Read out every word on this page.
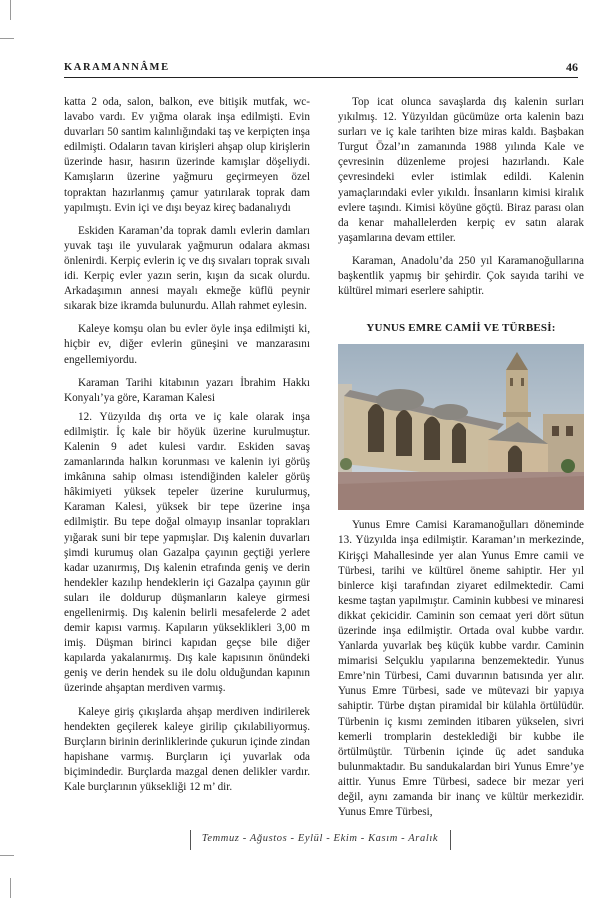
KARAMANNÂME	46

katta 2 oda, salon, balkon, eve bitişik mutfak, wc-lavabo vardı. Ev yığma olarak inşa edilmişti. Evin duvarları 50 santim kalınlığındaki taş ve kerpiçten inşa edilmişti. Odaların tavan kirişleri ahşap olup kirişlerin üzerinde hasır, hasırın üzerinde kamışlar döşeliydi. Kamışların üzerine yağmuru geçirmeyen özel topraktan hazırlanmış çamur yatırılarak toprak dam yapılmıştı. Evin içi ve dışı beyaz kireç badanalıydı

Eskiden Karaman’da toprak damlı evlerin damları yuvak taşı ile yuvularak yağmurun odalara akması önlenirdi. Kerpiç evlerin iç ve dış sıvaları toprak sıvalı idi. Kerpiç evler yazın serin, kışın da sıcak olurdu. Arkadaşımın annesi mayalı ekmeğe küflü peynir sıkarak bize ikramda bulunurdu. Allah rahmet eylesin.

Kaleye komşu olan bu evler öyle inşa edilmişti ki, hiçbir ev, diğer evlerin güneşini ve manzarasını engellemiyordu.

Karaman Tarihi kitabının yazarı İbrahim Hakkı Konyalı’ya göre, Karaman Kalesi

12. Yüzyılda dış orta ve iç kale olarak inşa edilmiştir. İç kale bir höyük üzerine kurulmuştur. Kalenin 9 adet kulesi vardır. Eskiden savaş zamanlarında halkın korunması ve kalenin iyi görüş imkânına sahip olması istendiğinden kaleler görüş hâkimiyeti yüksek tepeler üzerine kurulurmuş, Karaman Kalesi, yüksek bir tepe üzerine inşa edilmiştir. Bu tepe doğal olmayıp insanlar toprakları yığarak suni bir tepe yapmışlar. Dış kalenin duvarları şimdi kurumuş olan Gazalpa çayının geçtiği yerlere kadar uzanırmış, Dış kalenin etrafında geniş ve derin hendekler kazılıp hendeklerin içi Gazalpa çayının gür suları ile doldurup düşmanların kaleye girmesi engellenirmiş. Dış kalenin belirli mesafelerde 2 adet demir kapısı varmış. Kapıların yükseklikleri 3,00 m imiş. Düşman birinci kapıdan geçse bile diğer kapılarda yakalanırmış. Dış kale kapısının önündeki geniş ve derin hendek su ile dolu olduğundan kapının üzerinde ahşaptan merdiven varmış.

Kaleye giriş çıkışlarda ahşap merdiven indirilerek hendekten geçilerek kaleye girilip çıkılabiliyormuş. Burçların birinin derinliklerinde çukurun içinde zindan hapishane varmış. Burçların içi yuvarlak oda biçimindedir. Burçlarda mazgal denen delikler vardır. Kale burçlarının yüksekliği 12 m’ dir.

Top icat olunca savaşlarda dış kalenin surları yıkılmış. 12. Yüzyıldan gücümüze orta kalenin bazı surları ve iç kale tarihten bize miras kaldı. Başbakan Turgut Özal’ın zamanında 1988 yılında Kale ve çevresinin düzenleme projesi hazırlandı. Kale çevresindeki evler istimlak edildi. Kalenin yamaçlarındaki evler yıkıldı. İnsanların kimisi kiralık evlere taşındı. Kimisi köyüne göçtü. Biraz parası olan da kenar mahallelerden kerpiç ev satın alarak yaşamlarına devam ettiler.

Karaman, Anadolu’da 250 yıl Karamanoğullarına başkentlik yapmış bir şehirdir. Çok sayıda tarihi ve kültürel mimari eserlere sahiptir.

YUNUS EMRE CAMİİ VE TÜRBESİ:

Yunus Emre Camisi Karamanoğulları döneminde 13. Yüzyılda inşa edilmiştir. Karaman’ın merkezinde, Kirişçi Mahallesinde yer alan Yunus Emre camii ve Türbesi, tarihi ve kültürel öneme sahiptir. Her yıl binlerce kişi tarafından ziyaret edilmektedir. Cami kesme taştan yapılmıştır. Caminin kubbesi ve minaresi dikkat çekicidir. Caminin son cemaat yeri dört sütun üzerinde inşa edilmiştir. Ortada oval kubbe vardır. Yanlarda yuvarlak beş küçük kubbe vardır. Caminin mimarisi Selçuklu yapılarına benzemektedir. Yunus Emre’nin Türbesi, Cami duvarının batısında yer alır. Yunus Emre Türbesi, sade ve mütevazi bir yapıya sahiptir. Türbe dıştan piramidal bir külahla örtülüdür. Türbenin iç kısmı zeminden itibaren yükselen, sivri kemerli tromplarin desteklediği bir kubbe ile örtülmüştür. Türbenin içinde üç adet sanduka bulunmaktadır. Bu sandukalardan biri Yunus Emre’ye aittir. Yunus Emre Türbesi, sadece bir mezar yeri değil, aynı zamanda bir inanç ve kültür merkezidir. Yunus Emre Türbesi,

Temmuz - Ağustos - Eylül - Ekim - Kasım - Aralık
